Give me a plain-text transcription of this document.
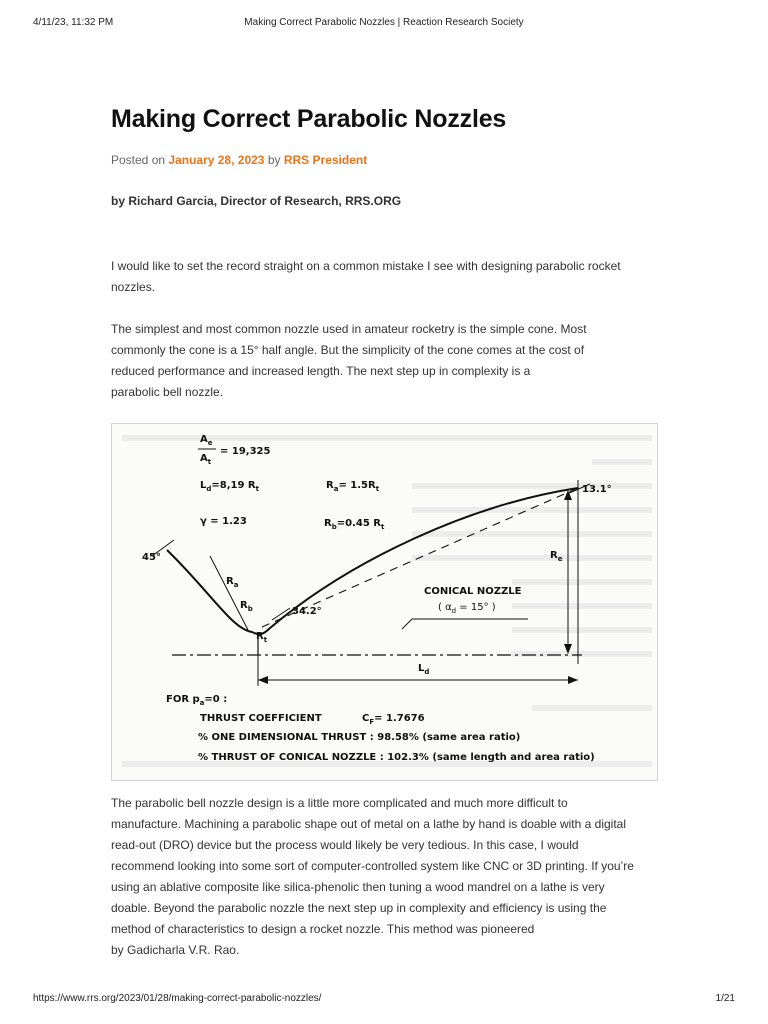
4/11/23, 11:32 PM	Making Correct Parabolic Nozzles | Reaction Research Society
Making Correct Parabolic Nozzles
Posted on January 28, 2023 by RRS President
by Richard Garcia, Director of Research, RRS.ORG

I would like to set the record straight on a common mistake I see with designing parabolic rocket
nozzles.

The simplest and most common nozzle used in amateur rocketry is the simple cone. Most
commonly the cone is a 15° half angle. But the simplicity of the cone comes at the cost of
reduced performance and increased length. The next step up in complexity is a
parabolic bell nozzle.

$A_e$
$A_t$
= 19,325
$L_d=8,19$ $R_t$	$R_a= 1.5R_t$
γ = 1.23	$R_b=0.45$ $R_t$
45°
13.1°
$R_a$
$R_b$
$R_t$
34.2°
$R_e$
$L_d$
CONICAL NOZZLE
( $\alpha_d = 15^\circ$ )
FOR $p_a=0$ :
THRUST COEFFICIENT	$C_F= 1.7676$
% ONE DIMENSIONAL THRUST : 98.58% (same area ratio)
% THRUST OF CONICAL NOZZLE : 102.3% (same length and area ratio)

The parabolic bell nozzle design is a little more complicated and much more difficult to
manufacture. Machining a parabolic shape out of metal on a lathe by hand is doable with a digital
read-out (DRO) device but the process would likely be very tedious. In this case, I would
recommend looking into some sort of computer-controlled system like CNC or 3D printing. If you’re
using an ablative composite like silica-phenolic then tuning a wood mandrel on a lathe is very
doable. Beyond the parabolic nozzle the next step up in complexity and efficiency is using the
method of characteristics to design a rocket nozzle. This method was pioneered
by Gadicharla V.R. Rao.

https://www.rrs.org/2023/01/28/making-correct-parabolic-nozzles/	1/21
